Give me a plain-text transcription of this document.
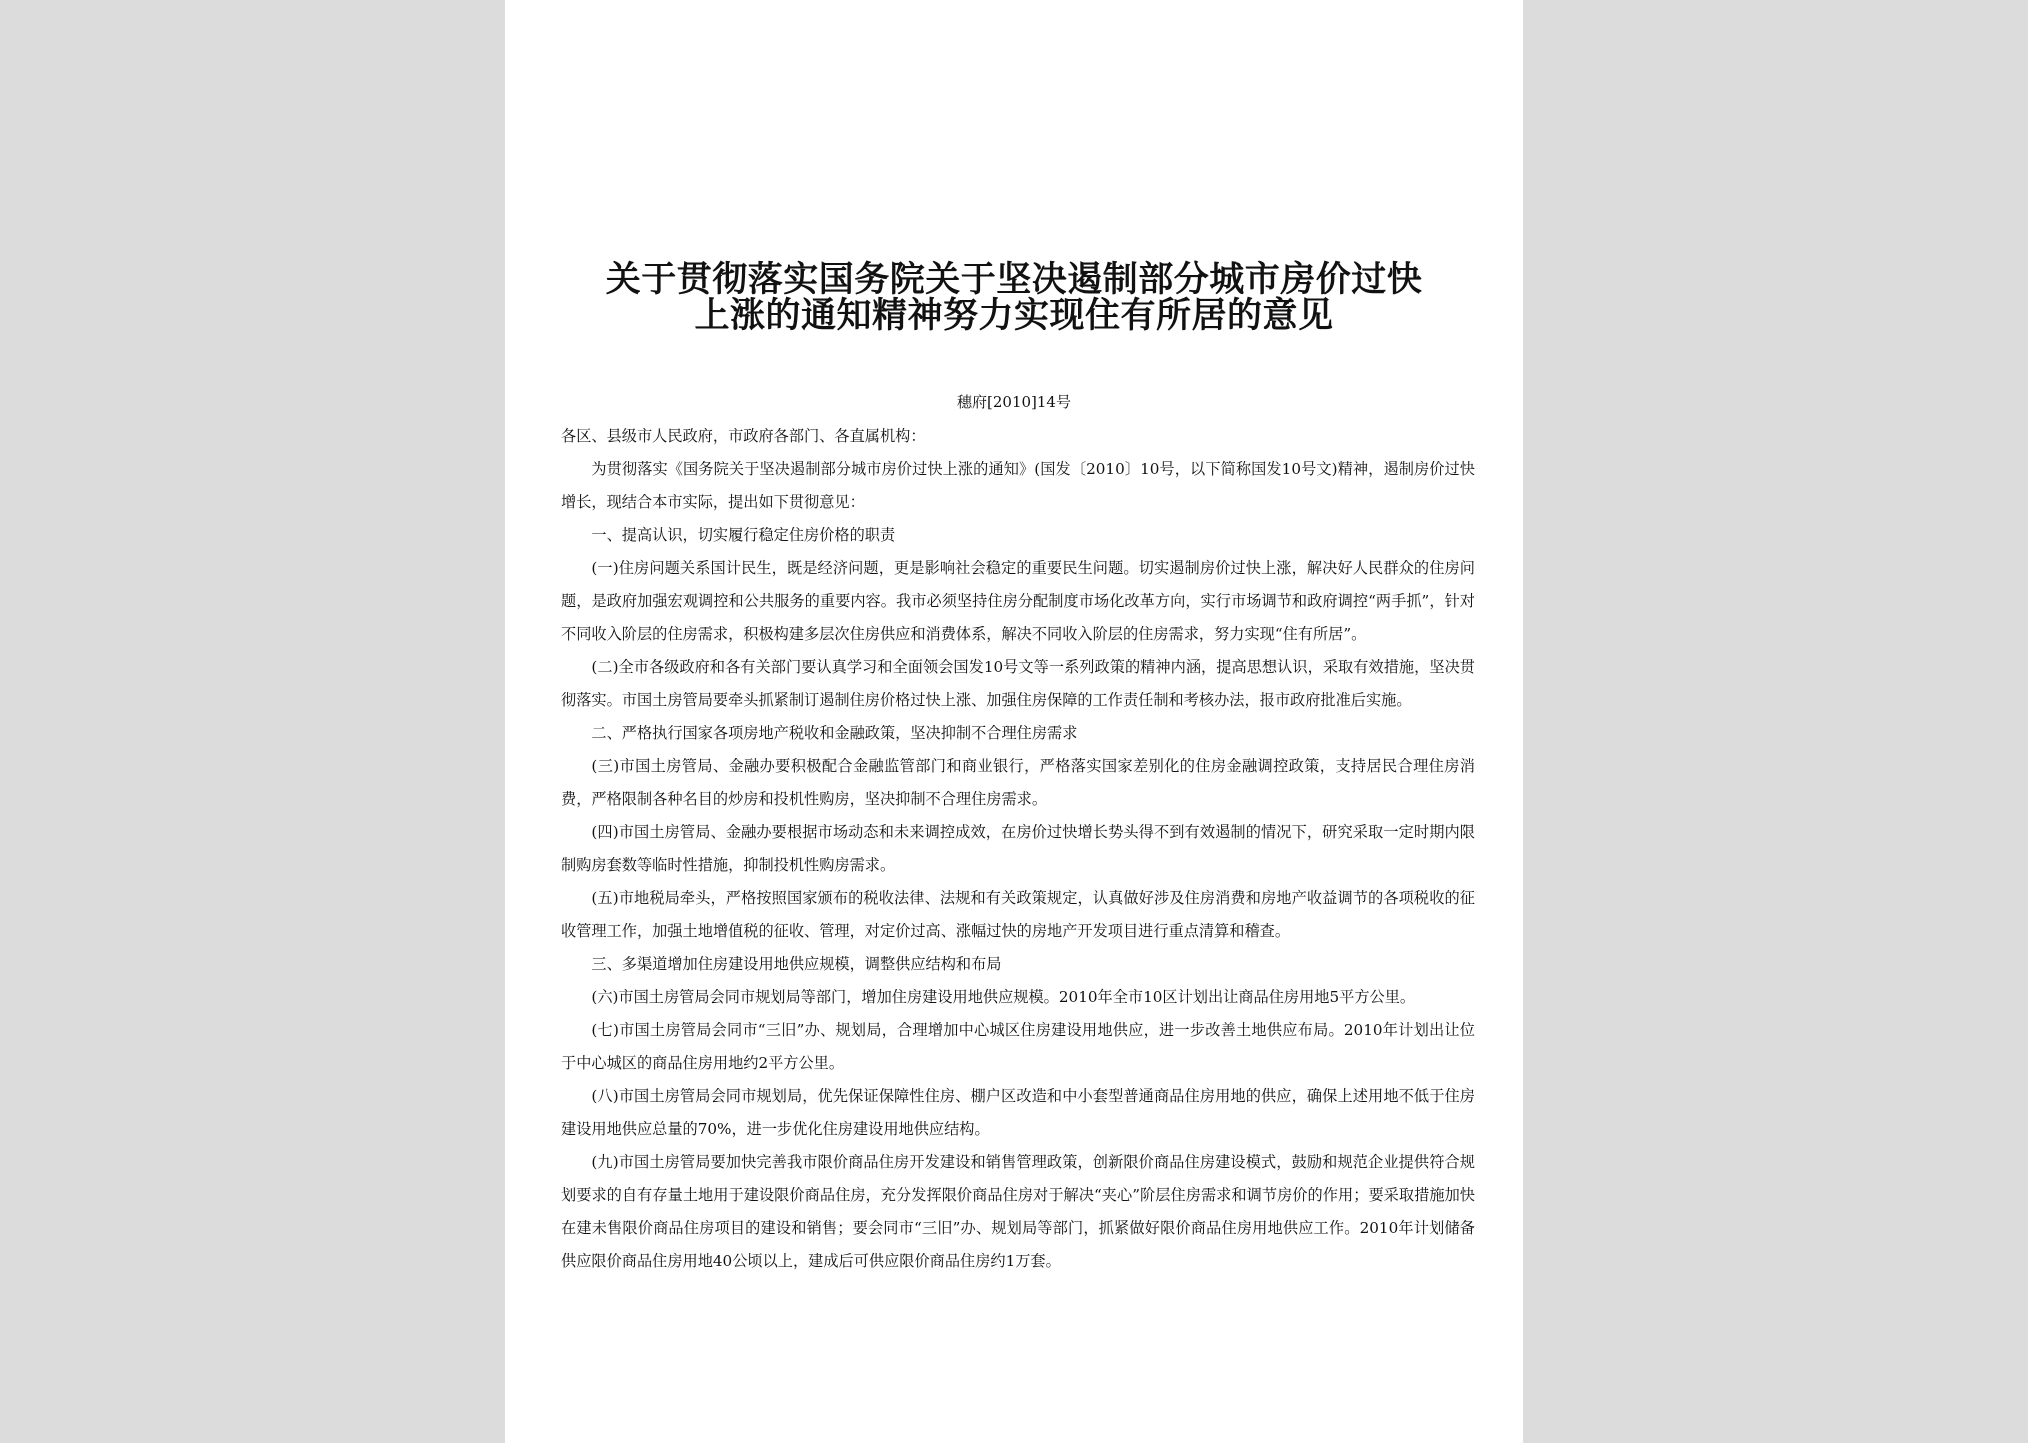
关于贯彻落实国务院关于坚决遏制部分城市房价过快
上涨的通知精神努力实现住有所居的意见
穗府[2010]14号

各区、县级市人民政府，市政府各部门、各直属机构：

为贯彻落实《国务院关于坚决遏制部分城市房价过快上涨的通知》(国发〔2010〕10号，以下简称国发10号文)精神，遏制房价过快增长，现结合本市实际，提出如下贯彻意见：

一、提高认识，切实履行稳定住房价格的职责

(一)住房问题关系国计民生，既是经济问题，更是影响社会稳定的重要民生问题。切实遏制房价过快上涨，解决好人民群众的住房问题，是政府加强宏观调控和公共服务的重要内容。我市必须坚持住房分配制度市场化改革方向，实行市场调节和政府调控“两手抓”，针对不同收入阶层的住房需求，积极构建多层次住房供应和消费体系，解决不同收入阶层的住房需求，努力实现“住有所居”。

(二)全市各级政府和各有关部门要认真学习和全面领会国发10号文等一系列政策的精神内涵，提高思想认识，采取有效措施，坚决贯彻落实。市国土房管局要牵头抓紧制订遏制住房价格过快上涨、加强住房保障的工作责任制和考核办法，报市政府批准后实施。

二、严格执行国家各项房地产税收和金融政策，坚决抑制不合理住房需求

(三)市国土房管局、金融办要积极配合金融监管部门和商业银行，严格落实国家差别化的住房金融调控政策，支持居民合理住房消费，严格限制各种名目的炒房和投机性购房，坚决抑制不合理住房需求。

(四)市国土房管局、金融办要根据市场动态和未来调控成效，在房价过快增长势头得不到有效遏制的情况下，研究采取一定时期内限制购房套数等临时性措施，抑制投机性购房需求。

(五)市地税局牵头，严格按照国家颁布的税收法律、法规和有关政策规定，认真做好涉及住房消费和房地产收益调节的各项税收的征收管理工作，加强土地增值税的征收、管理，对定价过高、涨幅过快的房地产开发项目进行重点清算和稽查。

三、多渠道增加住房建设用地供应规模，调整供应结构和布局

(六)市国土房管局会同市规划局等部门，增加住房建设用地供应规模。2010年全市10区计划出让商品住房用地5平方公里。

(七)市国土房管局会同市“三旧”办、规划局，合理增加中心城区住房建设用地供应，进一步改善土地供应布局。2010年计划出让位于中心城区的商品住房用地约2平方公里。

(八)市国土房管局会同市规划局，优先保证保障性住房、棚户区改造和中小套型普通商品住房用地的供应，确保上述用地不低于住房建设用地供应总量的70%，进一步优化住房建设用地供应结构。

(九)市国土房管局要加快完善我市限价商品住房开发建设和销售管理政策，创新限价商品住房建设模式，鼓励和规范企业提供符合规划要求的自有存量土地用于建设限价商品住房，充分发挥限价商品住房对于解决“夹心”阶层住房需求和调节房价的作用；要采取措施加快在建未售限价商品住房项目的建设和销售；要会同市“三旧”办、规划局等部门，抓紧做好限价商品住房用地供应工作。2010年计划储备供应限价商品住房用地40公顷以上，建成后可供应限价商品住房约1万套。
